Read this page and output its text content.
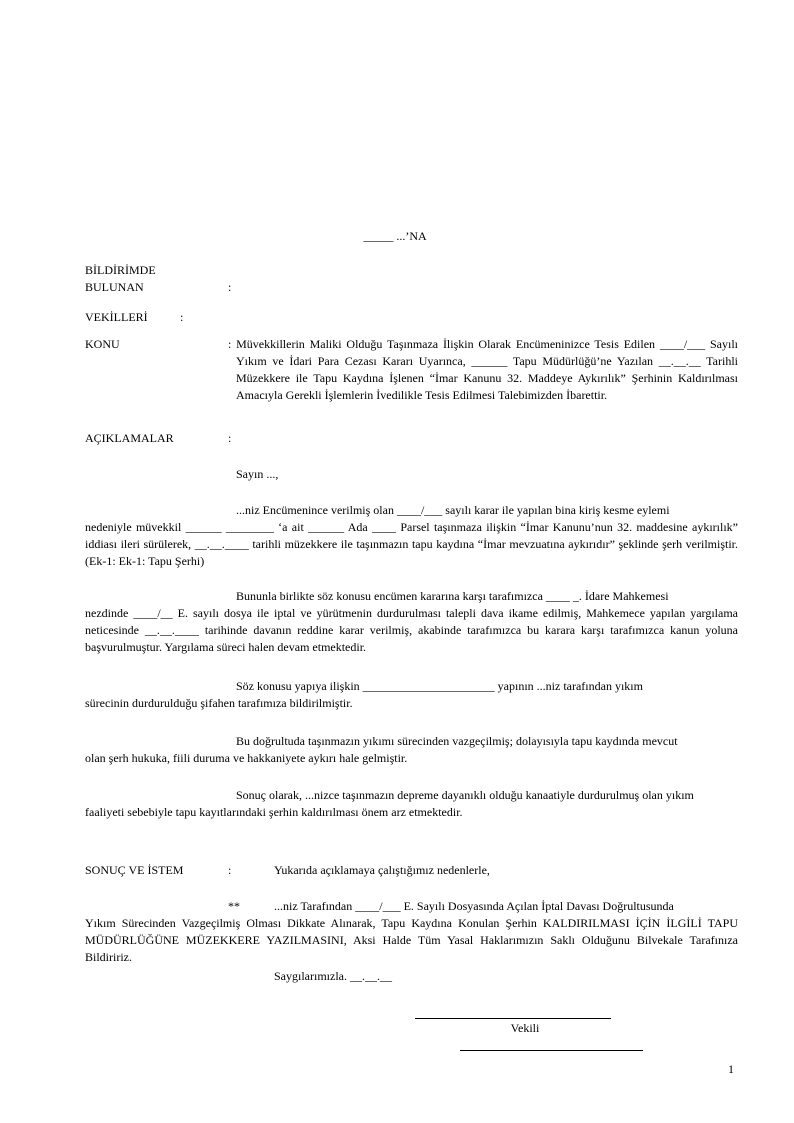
_____ ...’NA
BİLDİRİMDE
BULUNAN	:
VEKİLLERİ	:
KONU	: Müvekkillerin Maliki Olduğu Taşınmaza İlişkin Olarak Encümeninizce Tesis Edilen ____/___ Sayılı Yıkım ve İdari Para Cezası Kararı Uyarınca, ______ Tapu Müdürlüğü’ne Yazılan __.__.__ Tarihli Müzekkere ile Tapu Kaydına İşlenen “İmar Kanunu 32. Maddeye Aykırılık” Şerhinin Kaldırılması Amacıyla Gerekli İşlemlerin İvedilikle Tesis Edilmesi Talebimizden İbarettir.
AÇIKLAMALAR	:
Sayın ...,
...niz Encümenince verilmiş olan ____/___ sayılı karar ile yapılan bina kiriş kesme eylemi
nedeniyle müvekkil ______ ________ ‘a ait ______ Ada ____ Parsel taşınmaza ilişkin “İmar Kanunu’nun 32. maddesine aykırılık” iddiası ileri sürülerek, __.__.____ tarihli müzekkere ile taşınmazın tapu kaydına “İmar mevzuatına aykırıdır” şeklinde şerh verilmiştir. (Ek-1: Ek-1: Tapu Şerhi)
Bununla birlikte söz konusu encümen kararına karşı tarafımızca ____ _. İdare Mahkemesi
nezdinde ____/__ E. sayılı dosya ile iptal ve yürütmenin durdurulması talepli dava ikame edilmiş, Mahkemece yapılan yargılama neticesinde __.__.____ tarihinde davanın reddine karar verilmiş, akabinde tarafımızca bu karara karşı tarafımızca kanun yoluna başvurulmuştur. Yargılama süreci halen devam etmektedir.
Söz konusu yapıya ilişkin ______________________ yapının ...niz tarafından yıkım
sürecinin durdurulduğu şifahen tarafımıza bildirilmiştir.
Bu doğrultuda taşınmazın yıkımı sürecinden vazgeçilmiş; dolayısıyla tapu kaydında mevcut
olan şerh hukuka, fiili duruma ve hakkaniyete aykırı hale gelmiştir.
Sonuç olarak, ...nizce taşınmazın depreme dayanıklı olduğu kanaatiyle durdurulmuş olan yıkım
faaliyeti sebebiyle tapu kayıtlarındaki şerhin kaldırılması önem arz etmektedir.
SONUÇ VE İSTEM	:	Yukarıda açıklamaya çalıştığımız nedenlerle,
**	...niz Tarafından ____/___ E. Sayılı Dosyasında Açılan İptal Davası Doğrultusunda
Yıkım Sürecinden Vazgeçilmiş Olması Dikkate Alınarak, Tapu Kaydına Konulan Şerhin KALDIRILMASI İÇİN İLGİLİ TAPU MÜDÜRLÜĞÜNE MÜZEKKERE YAZILMASINI, Aksi Halde Tüm Yasal Haklarımızın Saklı Olduğunu Bilvekale Tarafınıza Bildiririz.
Saygılarımızla. __.__.__
Vekili
1
